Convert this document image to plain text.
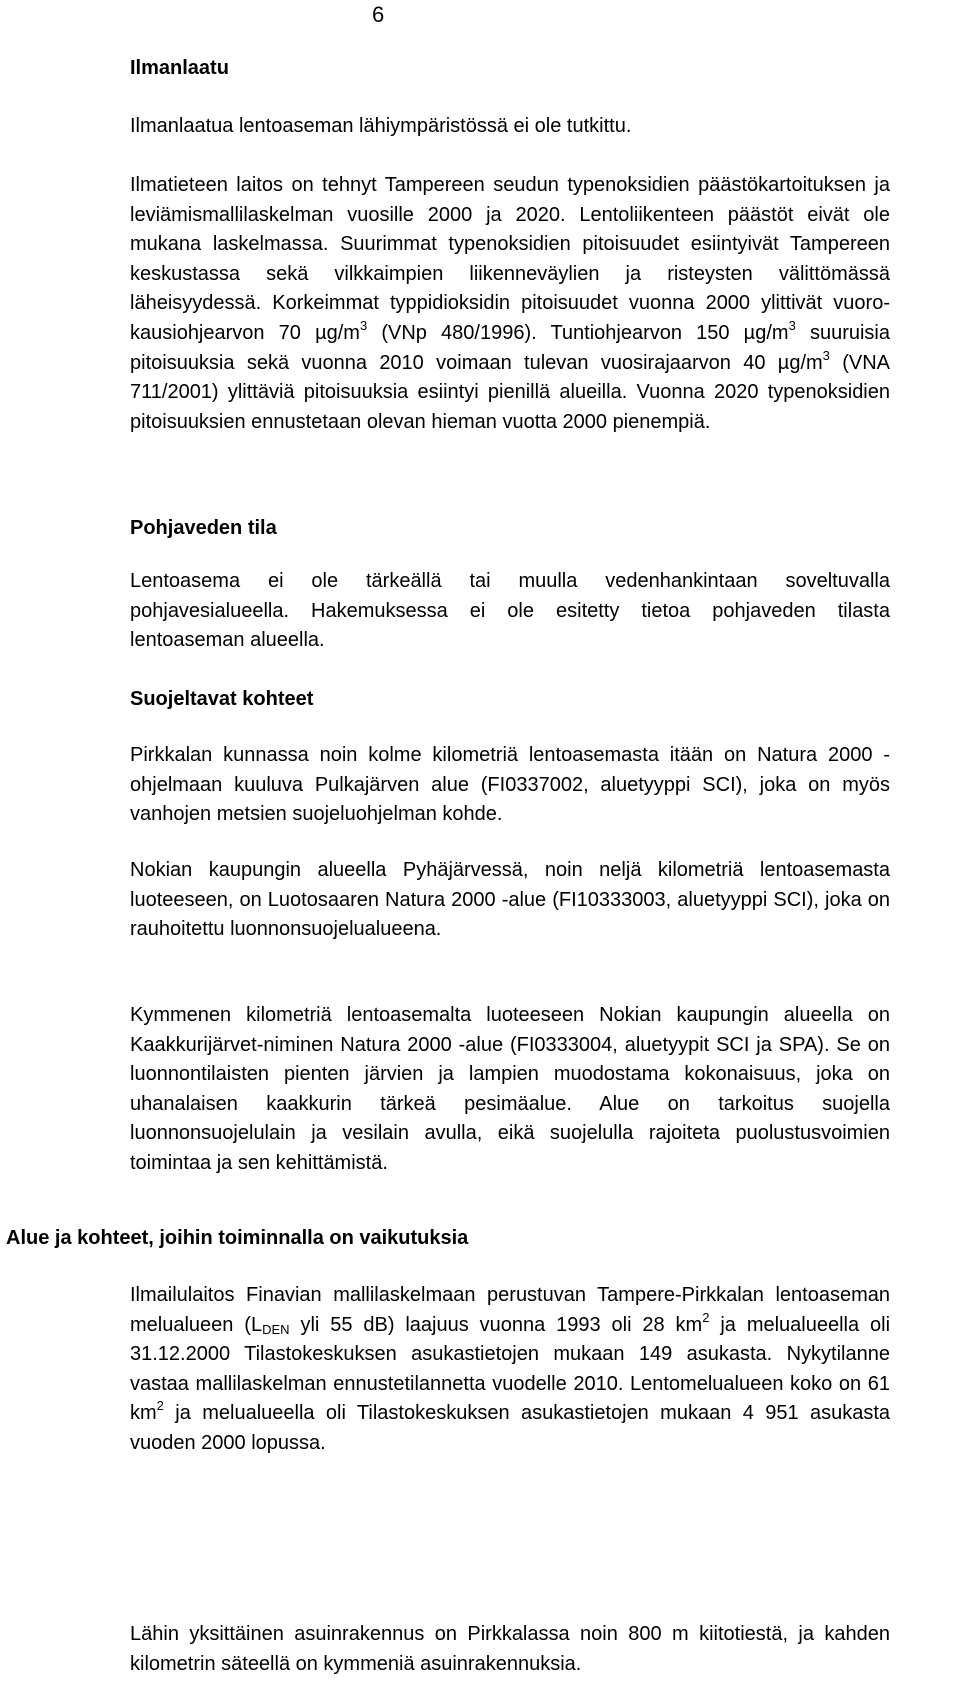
6
Ilmanlaatu

Ilmanlaatua lentoaseman lähiympäristössä ei ole tutkittu.

Ilmatieteen laitos on tehnyt Tampereen seudun typenoksidien päästökartoituksen ja leviämismallilaskelman vuosille 2000 ja 2020. Lentoliikenteen päästöt eivät ole mukana laskelmassa. Suurimmat typenoksidien pitoisuudet esiintyivät Tampereen keskustassa sekä vilkkaimpien liikenneväylien ja risteysten välittömässä läheisyydessä. Korkeimmat typpidioksidin pitoisuudet vuonna 2000 ylittivät vuorokausiohjearvon 70 $\mu g/m^3$ (VNp 480/1996). Tuntiohjearvon 150 $\mu g/m^3$ suuruisia pitoisuuksia sekä vuonna 2010 voimaan tulevan vuosirajaarvon 40 $\mu g/m^3$ (VNA 711/2001) ylittäviä pitoisuuksia esiintyi pienillä alueilla. Vuonna 2020 typenoksidien pitoisuuksien ennustetaan olevan hieman vuotta 2000 pienempiä.

Pohjaveden tila

Lentoasema ei ole tärkeällä tai muulla vedenhankintaan soveltuvalla pohjavesialueella. Hakemuksessa ei ole esitetty tietoa pohjaveden tilasta lentoaseman alueella.

Suojeltavat kohteet

Pirkkalan kunnassa noin kolme kilometriä lentoasemasta itään on Natura 2000 -ohjelmaan kuuluva Pulkajärven alue (FI0337002, aluetyyppi SCI), joka on myös vanhojen metsien suojeluohjelman kohde.

Nokian kaupungin alueella Pyhäjärvessä, noin neljä kilometriä lentoasemasta luoteeseen, on Luotosaaren Natura 2000 -alue (FI10333003, aluetyyppi SCI), joka on rauhoitettu luonnonsuojelualueena.

Kymmenen kilometriä lentoasemalta luoteeseen Nokian kaupungin alueella on Kaakkurijärvet-niminen Natura 2000 -alue (FI0333004, aluetyypit SCI ja SPA). Se on luonnontilaisten pienten järvien ja lampien muodostama kokonaisuus, joka on uhanalaisen kaakkurin tärkeä pesimäalue. Alue on tarkoitus suojella luonnonsuojelulain ja vesilain avulla, eikä suojelulla rajoiteta puolustusvoimien toimintaa ja sen kehittämistä.

Alue ja kohteet, joihin toiminnalla on vaikutuksia

Ilmailulaitos Finavian mallilaskelmaan perustuvan Tampere-Pirkkalan lentoaseman melualueen ($L_{DEN}$ yli 55 dB) laajuus vuonna 1993 oli 28 $km^2$ ja melualueella oli 31.12.2000 Tilastokeskuksen asukastietojen mukaan 149 asukasta. Nykytilanne vastaa mallilaskelman ennustetilannetta vuodelle 2010. Lentomelualueen koko on 61 $km^2$ ja melualueella oli Tilastokeskuksen asukastietojen mukaan 4 951 asukasta vuoden 2000 lopussa.

Lähin yksittäinen asuinrakennus on Pirkkalassa noin 800 m kiitotiestä, ja kahden kilometrin säteellä on kymmeniä asuinrakennuksia.
